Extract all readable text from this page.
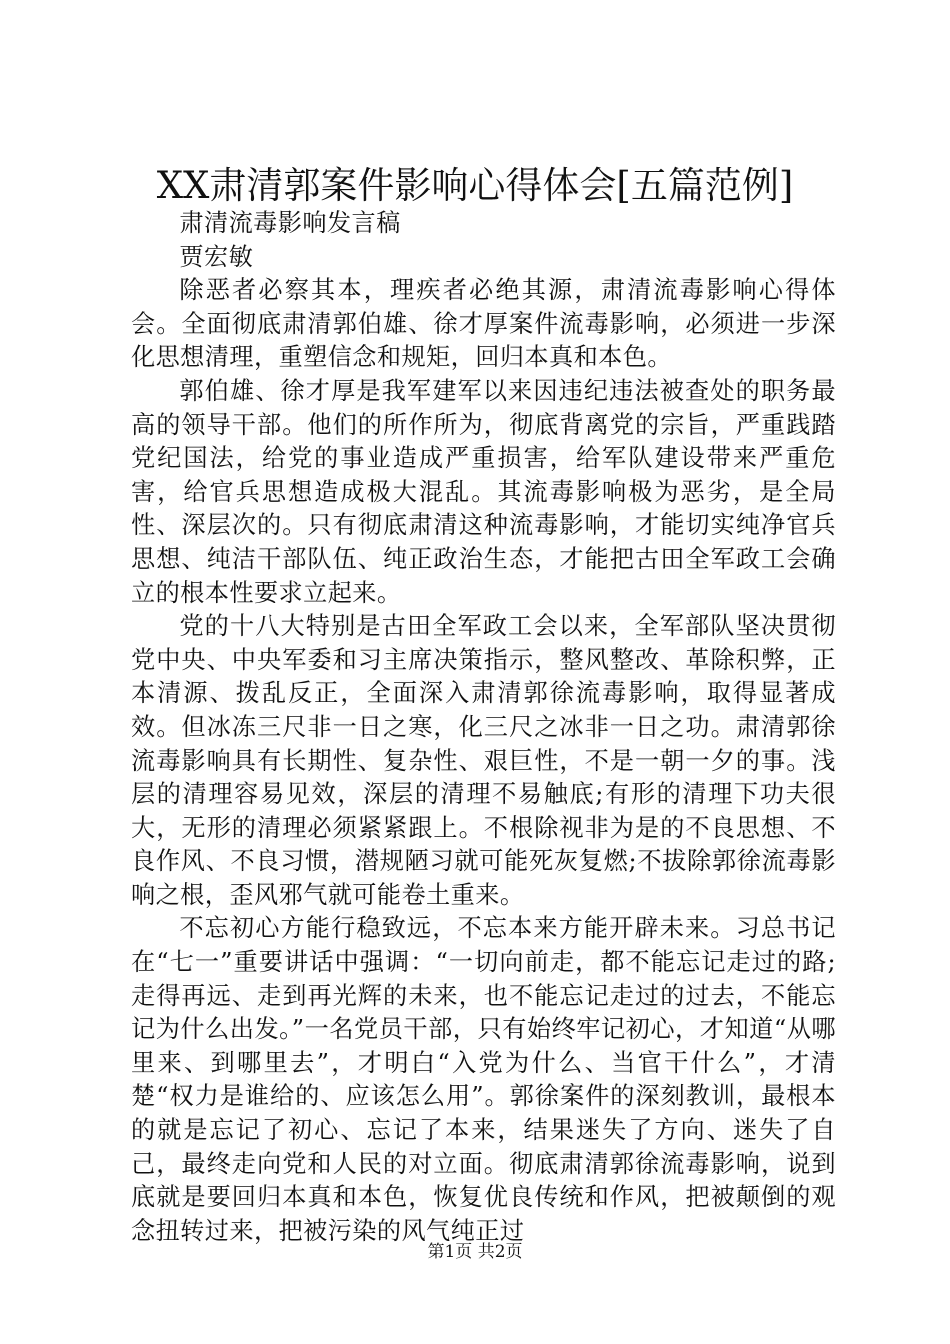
XX肃清郭案件影响心得体会[五篇范例]

肃清流毒影响发言稿

贾宏敏

除恶者必察其本，理疾者必绝其源，肃清流毒影响心得体会。全面彻底肃清郭伯雄、徐才厚案件流毒影响，必须进一步深化思想清理，重塑信念和规矩，回归本真和本色。

郭伯雄、徐才厚是我军建军以来因违纪违法被查处的职务最高的领导干部。他们的所作所为，彻底背离党的宗旨，严重践踏党纪国法，给党的事业造成严重损害，给军队建设带来严重危害，给官兵思想造成极大混乱。其流毒影响极为恶劣，是全局性、深层次的。只有彻底肃清这种流毒影响，才能切实纯净官兵思想、纯洁干部队伍、纯正政治生态，才能把古田全军政工会确立的根本性要求立起来。

党的十八大特别是古田全军政工会以来，全军部队坚决贯彻党中央、中央军委和习主席决策指示，整风整改、革除积弊，正本清源、拨乱反正，全面深入肃清郭徐流毒影响，取得显著成效。但冰冻三尺非一日之寒，化三尺之冰非一日之功。肃清郭徐流毒影响具有长期性、复杂性、艰巨性，不是一朝一夕的事。浅层的清理容易见效，深层的清理不易触底;有形的清理下功夫很大，无形的清理必须紧紧跟上。不根除视非为是的不良思想、不良作风、不良习惯，潜规陋习就可能死灰复燃;不拔除郭徐流毒影响之根，歪风邪气就可能卷土重来。

不忘初心方能行稳致远，不忘本来方能开辟未来。习总书记在“七一”重要讲话中强调：“一切向前走，都不能忘记走过的路;走得再远、走到再光辉的未来，也不能忘记走过的过去，不能忘记为什么出发。”一名党员干部，只有始终牢记初心，才知道“从哪里来、到哪里去”，才明白“入党为什么、当官干什么”，才清楚“权力是谁给的、应该怎么用”。郭徐案件的深刻教训，最根本的就是忘记了初心、忘记了本来，结果迷失了方向、迷失了自己，最终走向党和人民的对立面。彻底肃清郭徐流毒影响，说到底就是要回归本真和本色，恢复优良传统和作风，把被颠倒的观念扭转过来，把被污染的风气纯正过

第1页 共2页
